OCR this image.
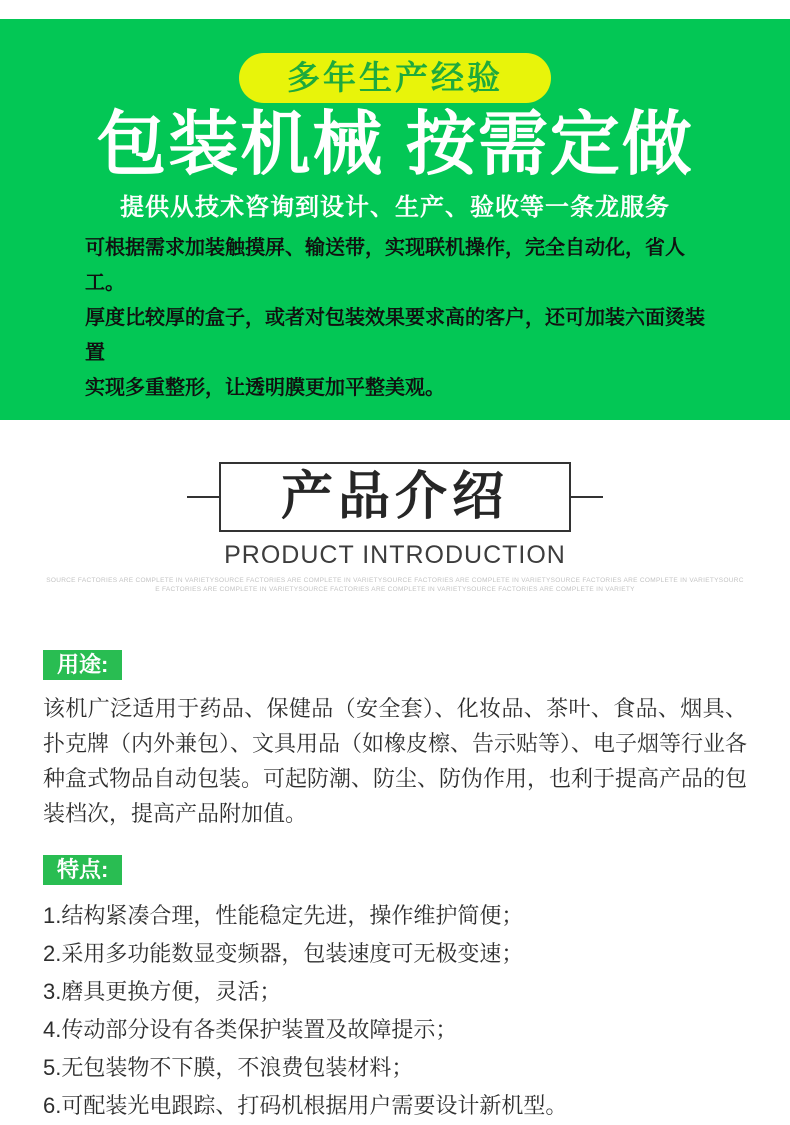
多年生产经验
包装机械 按需定做
提供从技术咨询到设计、生产、验收等一条龙服务
可根据需求加装触摸屏、输送带，实现联机操作，完全自动化，省人工。
厚度比较厚的盒子，或者对包装效果要求高的客户，还可加装六面烫装置
实现多重整形，让透明膜更加平整美观。
产品介绍
PRODUCT INTRODUCTION
SOURCE FACTORIES ARE COMPLETE IN VARIETYSOURCE FACTORIES ARE COMPLETE IN VARIETYSOURCE FACTORIES ARE COMPLETE IN VARIETYSOURCE FACTORIES ARE COMPLETE IN VARIETYSOURC
E FACTORIES ARE COMPLETE IN VARIETYSOURCE FACTORIES ARE COMPLETE IN VARIETYSOURCE FACTORIES ARE COMPLETE IN VARIETY
用途:
该机广泛适用于药品、保健品（安全套）、化妆品、茶叶、食品、烟具、扑克牌（内外兼包）、文具用品（如橡皮檫、告示贴等）、电子烟等行业各种盒式物品自动包装。可起防潮、防尘、防伪作用，也利于提高产品的包装档次，提高产品附加值。
特点:
1.结构紧凑合理，性能稳定先进，操作维护简便；
2.采用多功能数显变频器，包装速度可无极变速；
3.磨具更换方便，灵活；
4.传动部分设有各类保护装置及故障提示；
5.无包装物不下膜，不浪费包装材料；
6.可配装光电跟踪、打码机根据用户需要设计新机型。
